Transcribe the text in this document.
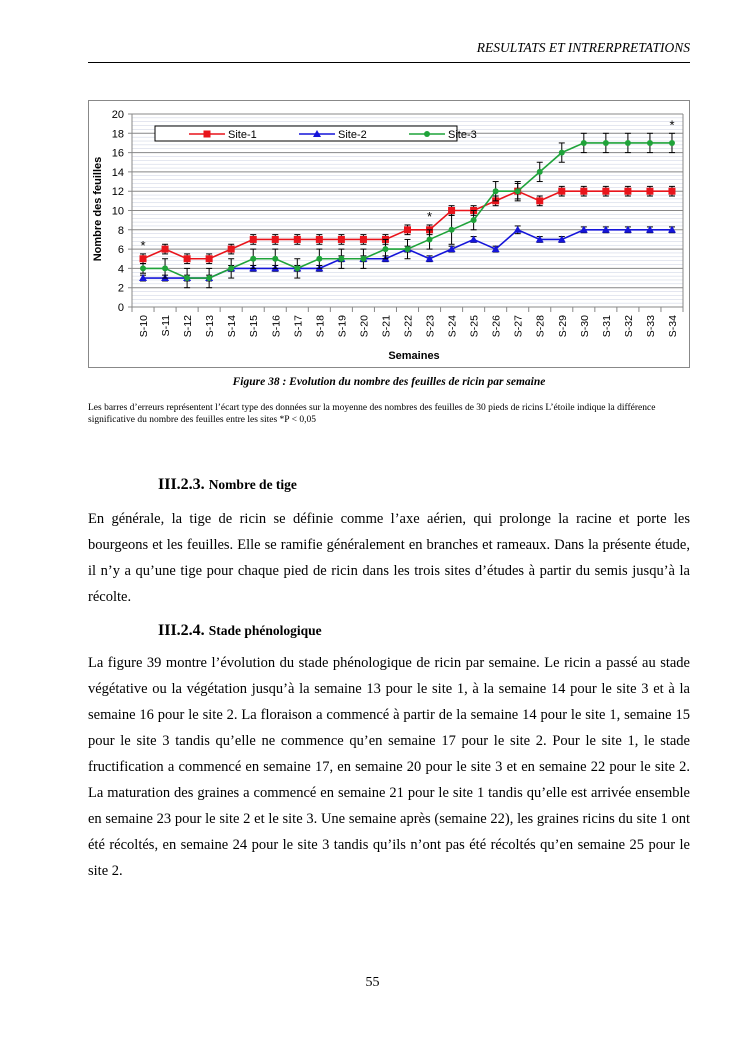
RESULTATS ET INTRERPRETATIONS
0
2
4
6
8
10
12
14
16
18
20
S-10 S-11 S-12 S-13 S-14 S-15 S-16 S-17 S-18 S-19 S-20 S-21 S-22 S-23 S-24 S-25 S-26 S-27 S-28 S-29 S-30 S-31 S-32 S-33 S-34
*
*
*
Site-1	Site-2	Site-3
Nombre des feuilles
Semaines
Figure 38 : Evolution du nombre des feuilles de ricin par semaine
Les barres d’erreurs représentent l’écart type des données sur la moyenne des nombres des feuilles de 30 pieds de ricins L’étoile indique la différence significative du nombre des feuilles entre les sites *P < 0,05
III.2.3. Nombre de tige
En générale, la tige de ricin se définie comme l’axe aérien, qui prolonge la racine et porte les bourgeons et les feuilles. Elle se ramifie généralement en branches et rameaux. Dans la présente étude, il n’y a qu’une tige pour chaque pied de ricin dans les trois sites d’études à partir du semis jusqu’à la récolte.
III.2.4. Stade phénologique
La figure 39 montre l’évolution du stade phénologique de ricin par semaine. Le ricin a passé au stade végétative ou la végétation jusqu’à la semaine 13 pour le site 1, à la semaine 14 pour le site 3 et à la semaine 16 pour le site 2. La floraison a commencé à partir de la semaine 14 pour le site 1, semaine 15 pour le site 3 tandis qu’elle ne commence qu’en semaine 17 pour le site 2. Pour le site 1, le stade fructification a commencé en semaine 17, en semaine 20 pour le site 3 et en semaine 22 pour le site 2. La maturation des graines a commencé en semaine 21 pour le site 1 tandis qu’elle est arrivée ensemble en semaine 23 pour le site 2 et le site 3. Une semaine après (semaine 22), les graines ricins du site 1 ont été récoltés, en semaine 24 pour le site 3 tandis qu’ils n’ont pas été récoltés qu’en semaine 25 pour le site 2.
55
